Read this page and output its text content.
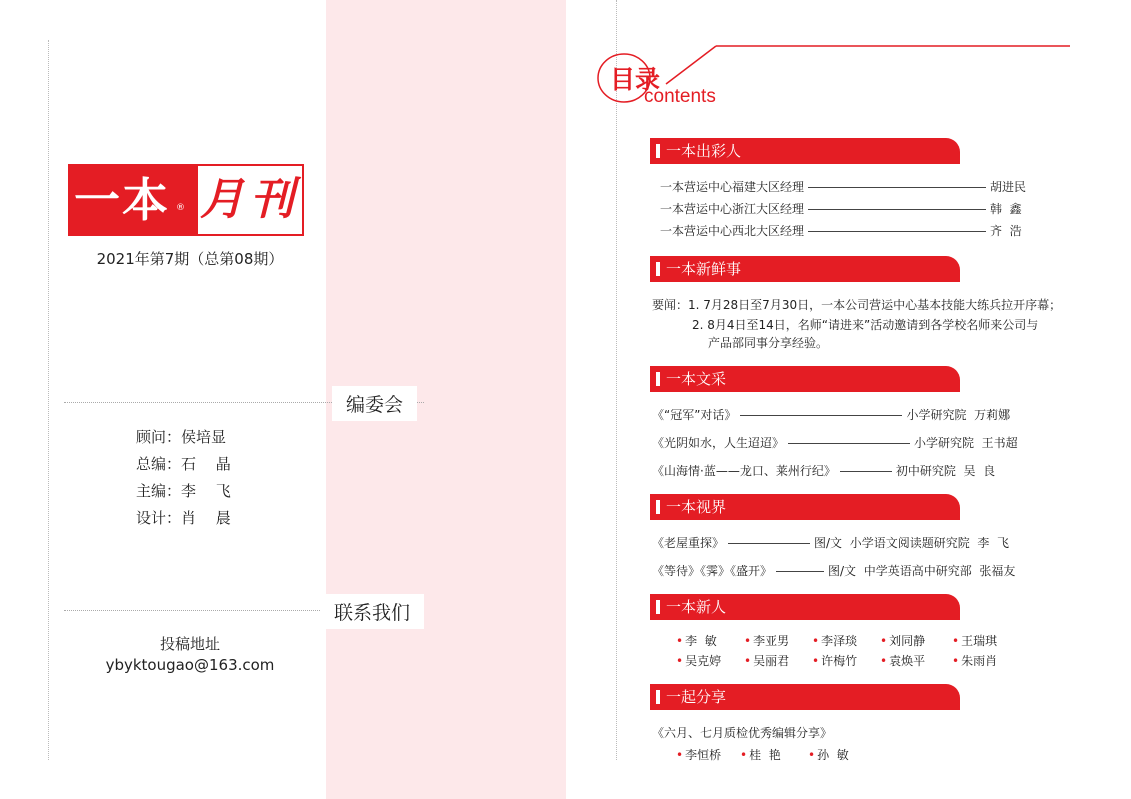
一本 ® 月刊
2021年第7期（总第08期）
编委会
顾问：侯培显
总编：石 晶
主编：李 飞
设计：肖 晨
联系我们
投稿地址
ybyktougao@163.com
目录
contents
一本出彩人
一本营运中心福建大区经理	胡进民
一本营运中心浙江大区经理	韩  鑫
一本营运中心西北大区经理	齐  浩
一本新鲜事
要闻：1. 7月28日至7月30日，一本公司营运中心基本技能大练兵拉开序幕；
2. 8月4日至14日，名师“请进来”活动邀请到各学校名师来公司与
产品部同事分享经验。
一本文采
《“冠军”对话》	小学研究院  万莉娜
《光阴如水，人生迢迢》	小学研究院  王书超
《山海情·蓝——龙口、莱州行纪》	初中研究院  吴  良
一本视界
《老屋重探》	图/文  小学语文阅读题研究院  李  飞
《等待》《霁》《盛开》	图/文  中学英语高中研究部  张福友
一本新人
• 李  敏 • 李亚男 • 李泽琰 • 刘同静 • 王瑞琪
• 吴克婷 • 吴丽君 • 许梅竹 • 袁焕平 • 朱雨肖
一起分享
《六月、七月质检优秀编辑分享》
• 李恒桥 • 桂  艳 • 孙  敏
